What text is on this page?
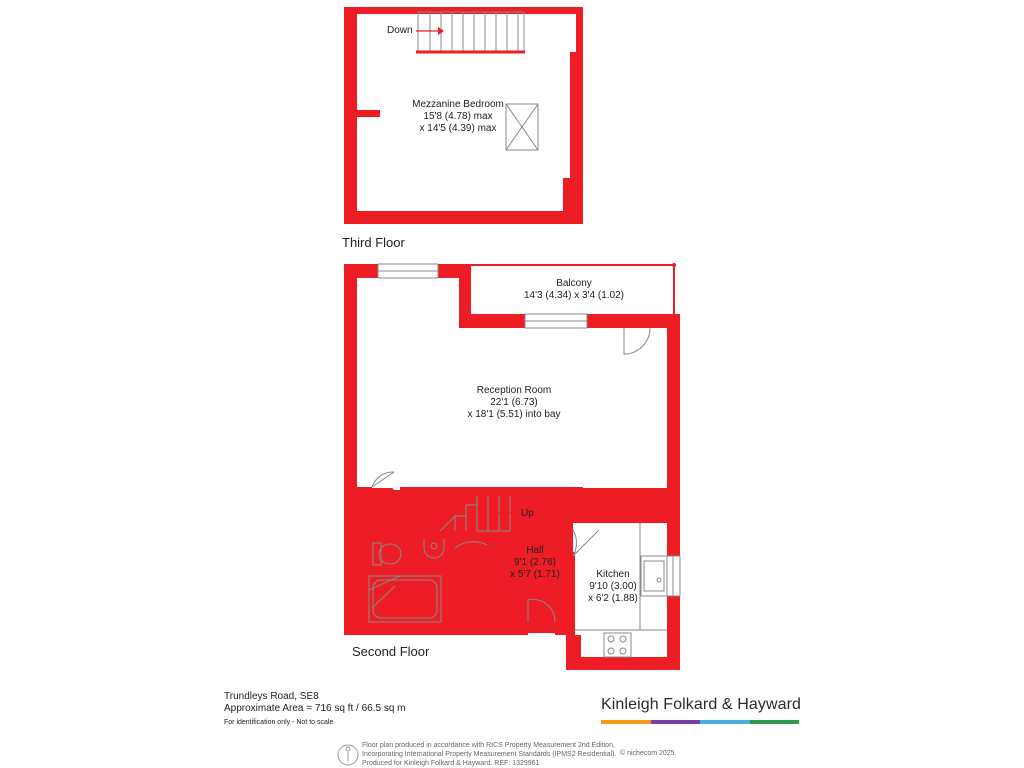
Down
Mezzanine Bedroom
15'8 (4.78) max
x 14'5 (4.39) max
Third Floor
Balcony
14'3 (4.34) x 3'4 (1.02)
Reception Room
22'1 (6.73)
x 18'1 (5.51) into bay
Up
Hall
9'1 (2.76)
x 5'7 (1.71)	Kitchen
9'10 (3.00)
x 6'2 (1.88)
Second Floor
Trundleys Road, SE8
Approximate Area = 716 sq ft / 66.5 sq m
For identification only - Not to scale
Kinleigh Folkard & Hayward
Floor plan produced in accordance with RICS Property Measurement 2nd Edition,
Incorporating International Property Measurement Standards (IPMS2 Residential).
Produced for Kinleigh Folkard & Hayward. REF: 1329961
© nichecom 2025.
